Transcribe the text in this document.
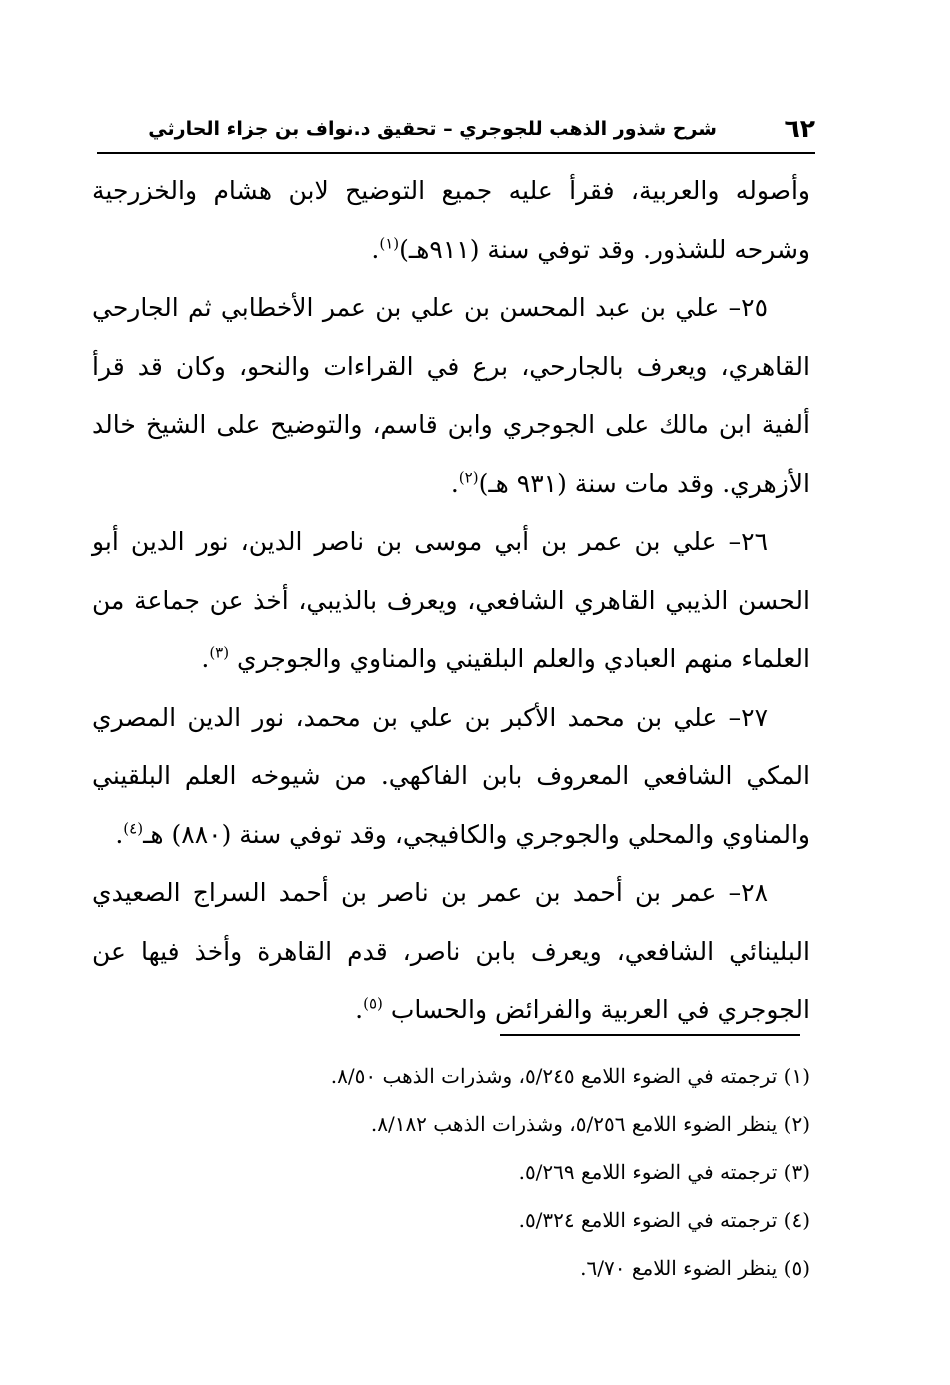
٦٢
شرح شذور الذهب للجوجري – تحقيق د.نواف بن جزاء الحارثي

وأصوله والعربية، فقرأ عليه جميع التوضيح لابن هشام والخزرجية وشرحه للشذور. وقد توفي سنة (٩١١هـ)$^{(١)}$.

٢٥– علي بن عبد المحسن بن علي بن عمر الأخطابي ثم الجارحي القاهري، ويعرف بالجارحي، برع في القراءات والنحو، وكان قد قرأ ألفية ابن مالك على الجوجري وابن قاسم، والتوضيح على الشيخ خالد الأزهري. وقد مات سنة (٩٣١ هـ)$^{(٢)}$.

٢٦– علي بن عمر بن أبي موسى بن ناصر الدين، نور الدين أبو الحسن الذيبي القاهري الشافعي، ويعرف بالذيبي، أخذ عن جماعة من العلماء منهم العبادي والعلم البلقيني والمناوي والجوجري $^{(٣)}$.

٢٧– علي بن محمد الأكبر بن علي بن محمد، نور الدين المصري المكي الشافعي المعروف بابن الفاكهي. من شيوخه العلم البلقيني والمناوي والمحلي والجوجري والكافيجي، وقد توفي سنة (٨٨٠) هـ$^{(٤)}$.

٢٨– عمر بن أحمد بن عمر بن ناصر بن أحمد السراج الصعيدي البلينائي الشافعي، ويعرف بابن ناصر، قدم القاهرة وأخذ فيها عن الجوجري في العربية والفرائض والحساب $^{(٥)}$.

(١) ترجمته في الضوء اللامع ٥/٢٤٥، وشذرات الذهب ٨/٥٠.

(٢) ينظر الضوء اللامع ٥/٢٥٦، وشذرات الذهب ٨/١٨٢.

(٣) ترجمته في الضوء اللامع ٥/٢٦٩.

(٤) ترجمته في الضوء اللامع ٥/٣٢٤.

(٥) ينظر الضوء اللامع ٦/٧٠.
